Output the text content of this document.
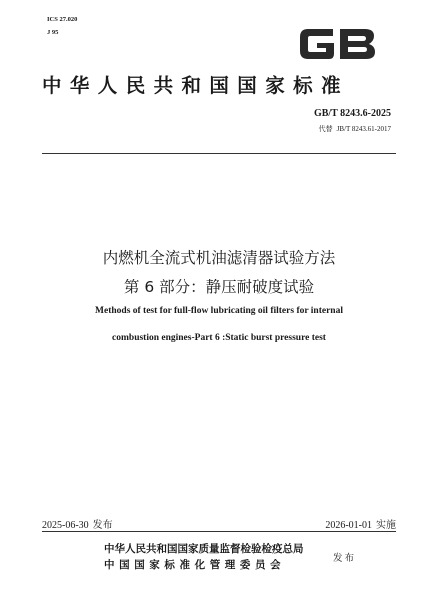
ICS 27.020
J 95
GB
中华人民共和国国家标准
GB/T 8243.6-2025
代替 JB/T 8243.61-2017
内燃机全流式机油滤清器试验方法
第 6 部分：静压耐破度试验
Methods of test for full-flow lubricating oil filters for internal
combustion engines-Part 6 :Static burst pressure test
2025-06-30 发布	2026-01-01 实施
中华人民共和国国家质量监督检验检疫总局
中国国家标准化管理委员会
发布
